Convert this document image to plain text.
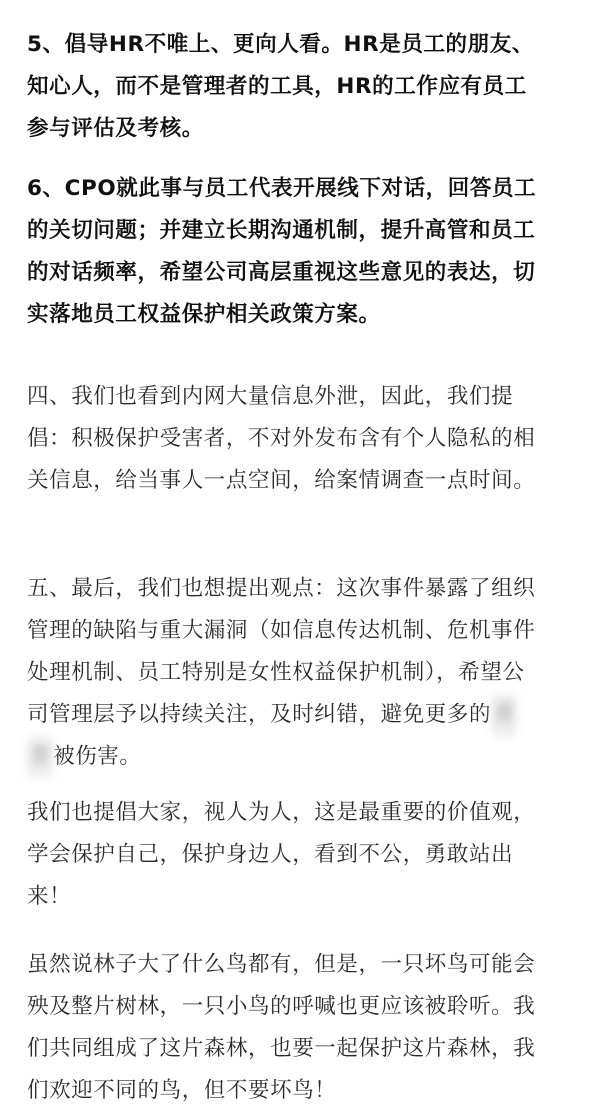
5、倡导HR不唯上、更向人看。HR是员工的朋友、
知心人，而不是管理者的工具，HR的工作应有员工
参与评估及考核。

6、CPO就此事与员工代表开展线下对话，回答员工
的关切问题；并建立长期沟通机制，提升高管和员工
的对话频率，希望公司高层重视这些意见的表达，切
实落地员工权益保护相关政策方案。

四、我们也看到内网大量信息外泄，因此，我们提
倡：积极保护受害者，不对外发布含有个人隐私的相
关信息，给当事人一点空间，给案情调查一点时间。

五、最后，我们也想提出观点：这次事件暴露了组织
管理的缺陷与重大漏洞（如信息传达机制、危机事件
处理机制、员工特别是女性权益保护机制），希望公
司管理层予以持续关注，及时纠错，避免更多的青
青被伤害。

我们也提倡大家，视人为人，这是最重要的价值观，
学会保护自己，保护身边人，看到不公，勇敢站出
来！

虽然说林子大了什么鸟都有，但是，一只坏鸟可能会
殃及整片树林，一只小鸟的呼喊也更应该被聆听。我
们共同组成了这片森林，也要一起保护这片森林，我
们欢迎不同的鸟，但不要坏鸟！
